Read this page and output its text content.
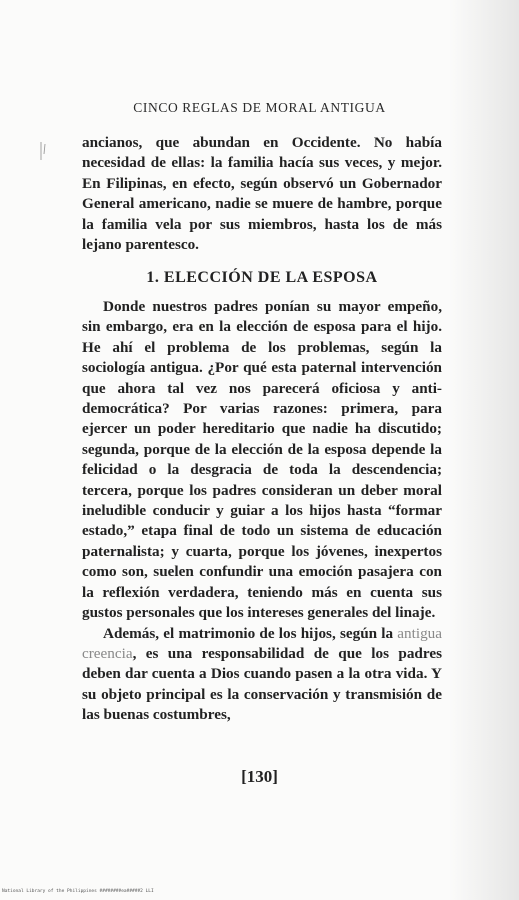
CINCO REGLAS DE MORAL ANTIGUA

ancianos, que abundan en Occidente. No había necesidad de ellas: la familia hacía sus veces, y mejor. En Filipinas, en efecto, según observó un Gobernador General americano, nadie se muere de hambre, porque la familia vela por sus miembros, hasta los de más lejano parentesco.

1. ELECCIÓN DE LA ESPOSA

Donde nuestros padres ponían su mayor empeño, sin embargo, era en la elección de esposa para el hijo. He ahí el problema de los problemas, según la sociología antigua. ¿Por qué esta paternal intervención que ahora tal vez nos parecerá oficiosa y anti-democrática? Por varias razones: primera, para ejercer un poder hereditario que nadie ha discutido; segunda, porque de la elección de la esposa depende la felicidad o la desgracia de toda la descendencia; tercera, porque los padres consideran un deber moral ineludible conducir y guiar a los hijos hasta “formar estado,” etapa final de todo un sistema de educación paternalista; y cuarta, porque los jóvenes, inexpertos como son, suelen confundir una emoción pasajera con la reflexión verdadera, teniendo más en cuenta sus gustos personales que los intereses generales del linaje.

Además, el matrimonio de los hijos, según la antigua creencia, es una responsabilidad de que los padres deben dar cuenta a Dios cuando pasen a la otra vida. Y su objeto principal es la conservación y transmisión de las buenas costumbres,

[130]
National Library of the Philippines ########ea#####2 LLI
